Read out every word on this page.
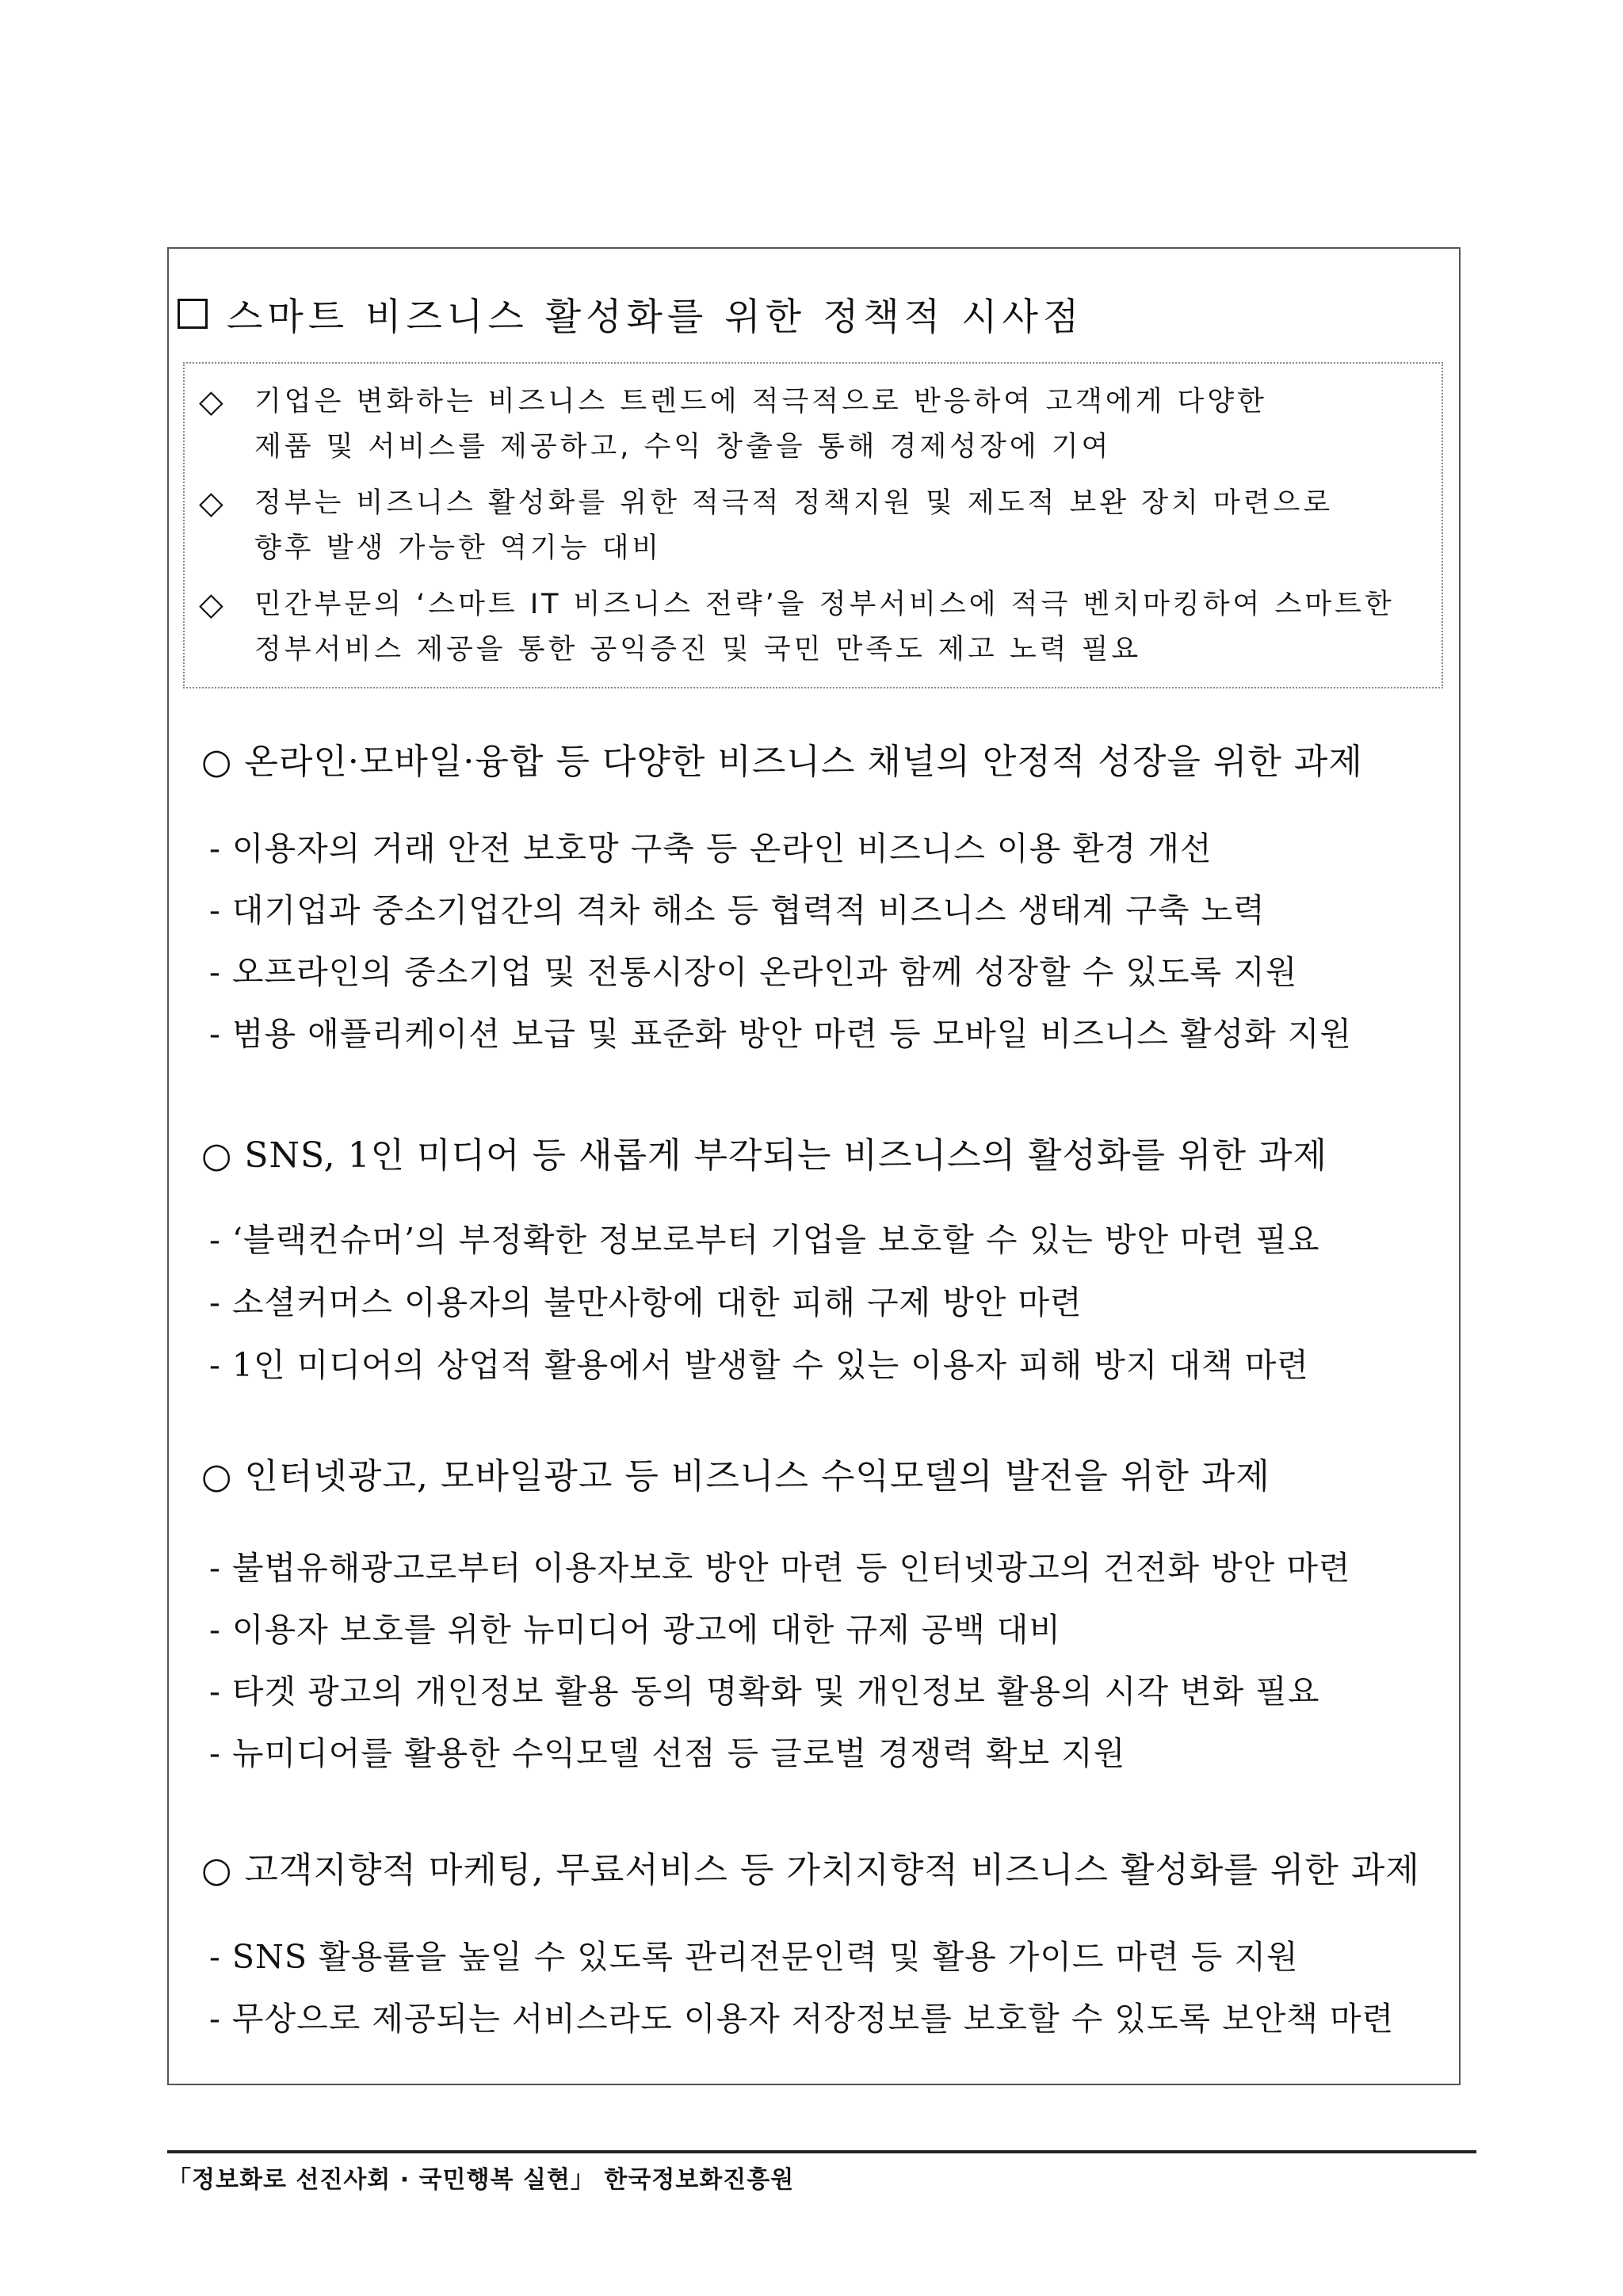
스마트 비즈니스 활성화를 위한 정책적 시사점
◇	기업은 변화하는 비즈니스 트렌드에 적극적으로 반응하여 고객에게 다양한
제품 및 서비스를 제공하고, 수익 창출을 통해 경제성장에 기여
◇	정부는 비즈니스 활성화를 위한 적극적 정책지원 및 제도적 보완 장치 마련으로
향후 발생 가능한 역기능 대비
◇	민간부문의 ‘스마트 IT 비즈니스 전략’을 정부서비스에 적극 벤치마킹하여 스마트한
정부서비스 제공을 통한 공익증진 및 국민 만족도 제고 노력 필요
○ 온라인·모바일·융합 등 다양한 비즈니스 채널의 안정적 성장을 위한 과제
- 이용자의 거래 안전 보호망 구축 등 온라인 비즈니스 이용 환경 개선
- 대기업과 중소기업간의 격차 해소 등 협력적 비즈니스 생태계 구축 노력
- 오프라인의 중소기업 및 전통시장이 온라인과 함께 성장할 수 있도록 지원
- 범용 애플리케이션 보급 및 표준화 방안 마련 등 모바일 비즈니스 활성화 지원
○ SNS, 1인 미디어 등 새롭게 부각되는 비즈니스의 활성화를 위한 과제
- ‘블랙컨슈머’의 부정확한 정보로부터 기업을 보호할 수 있는 방안 마련 필요
- 소셜커머스 이용자의 불만사항에 대한 피해 구제 방안 마련
- 1인 미디어의 상업적 활용에서 발생할 수 있는 이용자 피해 방지 대책 마련
○ 인터넷광고, 모바일광고 등 비즈니스 수익모델의 발전을 위한 과제
- 불법유해광고로부터 이용자보호 방안 마련 등 인터넷광고의 건전화 방안 마련
- 이용자 보호를 위한 뉴미디어 광고에 대한 규제 공백 대비
- 타겟 광고의 개인정보 활용 동의 명확화 및 개인정보 활용의 시각 변화 필요
- 뉴미디어를 활용한 수익모델 선점 등 글로벌 경쟁력 확보 지원
○ 고객지향적 마케팅, 무료서비스 등 가치지향적 비즈니스 활성화를 위한 과제
- SNS 활용률을 높일 수 있도록 관리전문인력 및 활용 가이드 마련 등 지원
- 무상으로 제공되는 서비스라도 이용자 저장정보를 보호할 수 있도록 보안책 마련
「정보화로 선진사회 · 국민행복 실현」 한국정보화진흥원
